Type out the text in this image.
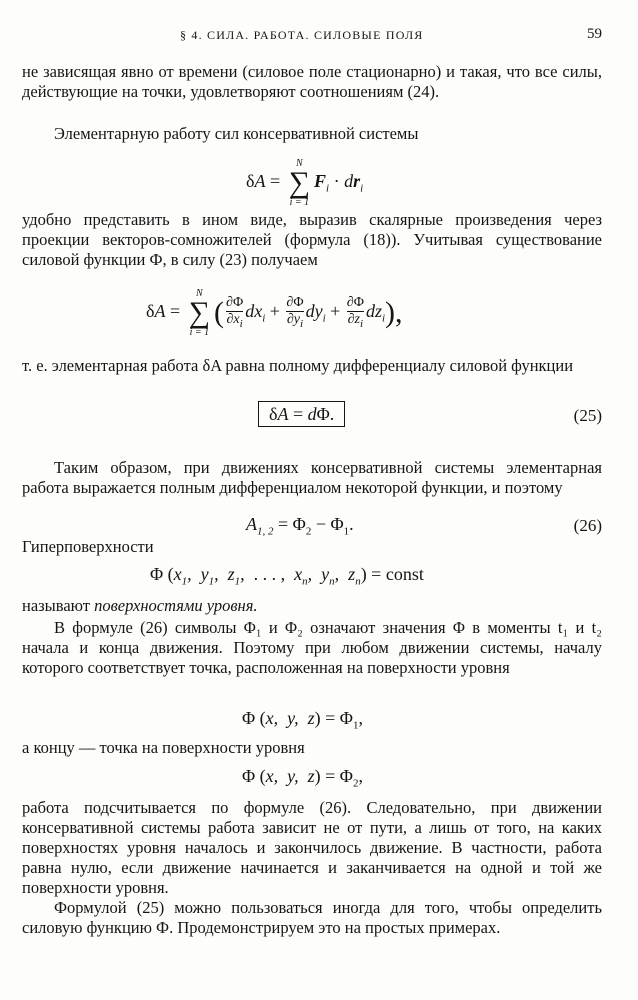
§ 4. СИЛА. РАБОТА. СИЛОВЫЕ ПОЛЯ	59

не зависящая явно от времени (силовое поле стационарно) и такая, что все силы, действующие на точки, удовлетворяют соотношениям (24).

Элементарную работу сил консервативной системы

δA =
N
∑
i = 1
$F_i \cdot dr_i$

удобно представить в ином виде, выразив скалярные произведения через проекции векторов-сомножителей (формула (18)). Учитывая существование силовой функции Ф, в силу (23) получаем

δA =
N
∑
i = 1
( $\frac{\partial\Phi}{\partial x_i} dx_i + \frac{\partial\Phi}{\partial y_i} dy_i + \frac{\partial\Phi}{\partial z_i} dz_i$),

т. е. элементарная работа δA равна полному дифференциалу силовой функции

δA = dΦ.	(25)

Таким образом, при движениях консервативной системы элементарная работа выражается полным дифференциалом некоторой функции, и поэтому

$A_{1, 2} = \Phi_2 - \Phi_1$.	(26)

Гиперповерхности

Φ ($x_1$,  $y_1$,  $z_1$,  . . . ,  $x_n$,  $y_n$,  $z_n$) = const

называют поверхностями уровня.

В формуле (26) символы Φ₁ и Φ₂ означают значения Φ в моменты t₁ и t₂ начала и конца движения. Поэтому при любом движении системы, началу которого соответствует точка, расположенная на поверхности уровня

Φ (x,  y,  $z) = \Phi_1$,

а концу — точка на поверхности уровня

Φ (x,  y,  $z) = \Phi_2$,

работа подсчитывается по формуле (26). Следовательно, при движении консервативной системы работа зависит не от пути, а лишь от того, на каких поверхностях уровня началось и закончилось движение. В частности, работа равна нулю, если движение начинается и заканчивается на одной и той же поверхности уровня.

Формулой (25) можно пользоваться иногда для того, чтобы определить силовую функцию Ф. Продемонстрируем это на простых примерах.
